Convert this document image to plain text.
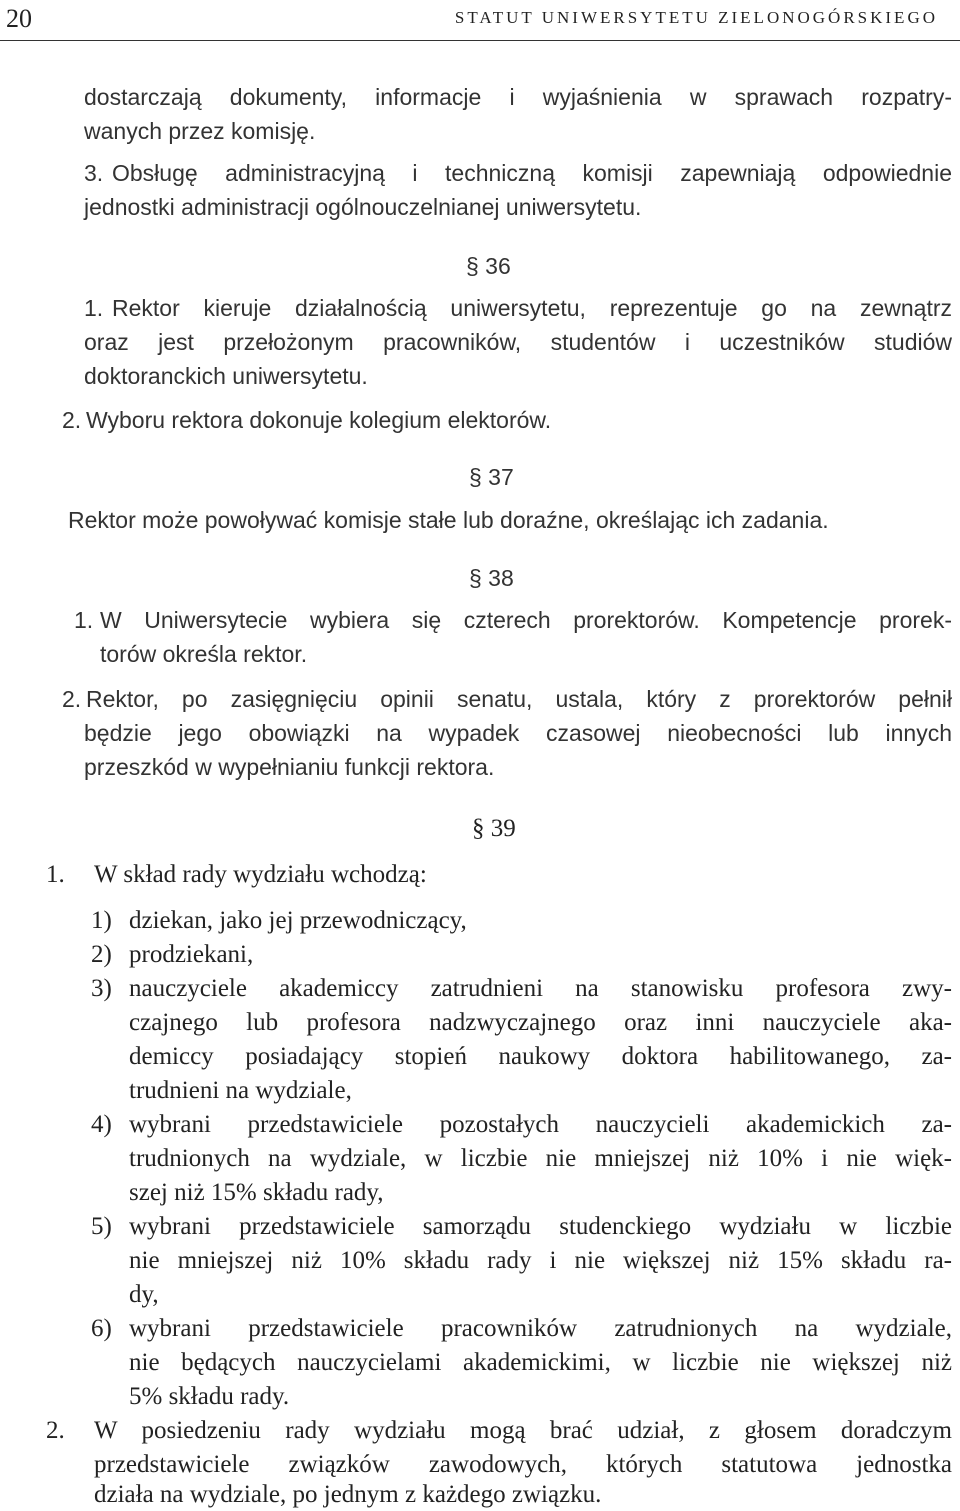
20	STATUT UNIWERSYTETU ZIELONOGÓRSKIEGO
dostarczają dokumenty, informacje i wyjaśnienia w sprawach rozpatry-
wanych przez komisję.
3. Obsługę administracyjną i techniczną komisji zapewniają odpowiednie
jednostki administracji ogólnouczelnianej uniwersytetu.
§ 36
1. Rektor kieruje działalnością uniwersytetu, reprezentuje go na zewnątrz
oraz jest przełożonym pracowników, studentów i uczestników studiów
doktoranckich uniwersytetu.
2. Wyboru rektora dokonuje kolegium elektorów.
§ 37
Rektor może powoływać komisje stałe lub doraźne, określając ich zadania.
§ 38
1. W Uniwersytecie wybiera się czterech prorektorów. Kompetencje prorek-
torów określa rektor.
2. Rektor, po zasięgnięciu opinii senatu, ustala, który z prorektorów pełnił
będzie jego obowiązki na wypadek czasowej nieobecności lub innych
przeszkód w wypełnianiu funkcji rektora.
§ 39
1. W skład rady wydziału wchodzą:
1) dziekan, jako jej przewodniczący,
2) prodziekani,
3) nauczyciele akademiccy zatrudnieni na stanowisku profesora zwy-
czajnego lub profesora nadzwyczajnego oraz inni nauczyciele aka-
demiccy posiadający stopień naukowy doktora habilitowanego, za-
trudnieni na wydziale,
4) wybrani przedstawiciele pozostałych nauczycieli akademickich za-
trudnionych na wydziale, w liczbie nie mniejszej niż 10% i nie więk-
szej niż 15% składu rady,
5) wybrani przedstawiciele samorządu studenckiego wydziału w liczbie
nie mniejszej niż 10% składu rady i nie większej niż 15% składu ra-
dy,
6) wybrani przedstawiciele pracowników zatrudnionych na wydziale,
nie będących nauczycielami akademickimi, w liczbie nie większej niż
5% składu rady.
2. W posiedzeniu rady wydziału mogą brać udział, z głosem doradczym
przedstawiciele związków zawodowych, których statutowa jednostka
działa na wydziale, po jednym z każdego związku.
